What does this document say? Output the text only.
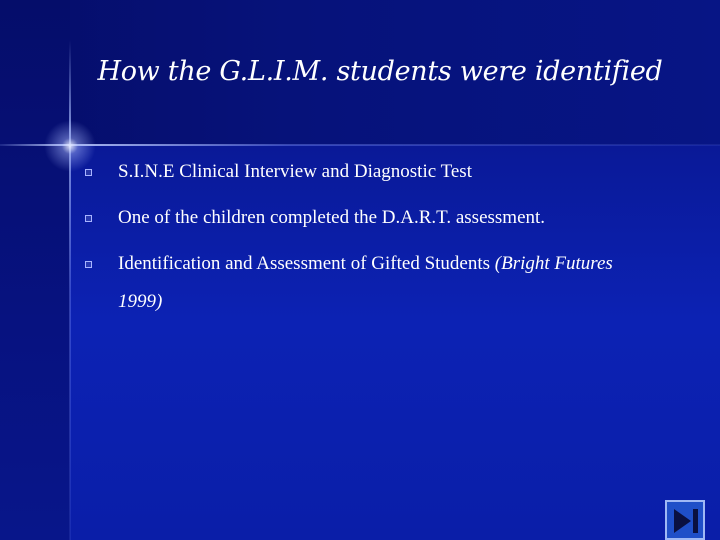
How the G.L.I.M. students were identified
S.I.N.E Clinical Interview and Diagnostic Test
One of the children completed the D.A.R.T. assessment.
Identification and Assessment of Gifted Students (Bright Futures 1999)
